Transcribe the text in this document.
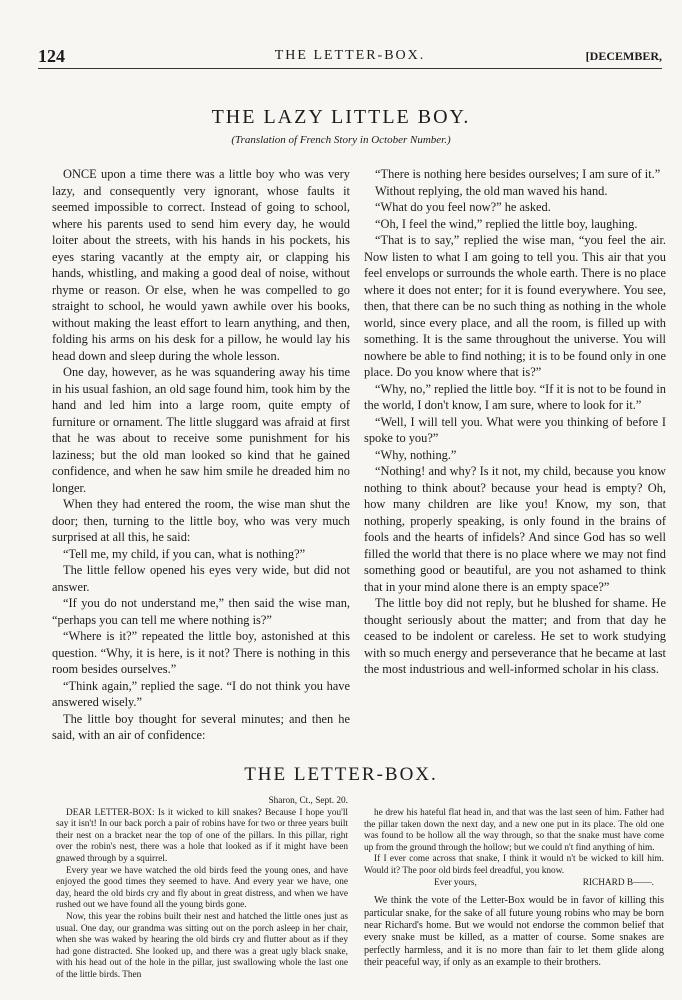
124	THE LETTER-BOX.	[DECEMBER,
THE LAZY LITTLE BOY.
(Translation of French Story in October Number.)

ONCE upon a time there was a little boy who was very lazy, and consequently very ignorant, whose faults it seemed impossible to correct. Instead of going to school, where his parents used to send him every day, he would loiter about the streets, with his hands in his pockets, his eyes staring vacantly at the empty air, or clapping his hands, whistling, and making a good deal of noise, without rhyme or reason. Or else, when he was compelled to go straight to school, he would yawn awhile over his books, without making the least effort to learn anything, and then, folding his arms on his desk for a pillow, he would lay his head down and sleep during the whole lesson.

One day, however, as he was squandering away his time in his usual fashion, an old sage found him, took him by the hand and led him into a large room, quite empty of furniture or ornament. The little sluggard was afraid at first that he was about to receive some punishment for his laziness; but the old man looked so kind that he gained confidence, and when he saw him smile he dreaded him no longer.

When they had entered the room, the wise man shut the door; then, turning to the little boy, who was very much surprised at all this, he said:

“Tell me, my child, if you can, what is nothing?”

The little fellow opened his eyes very wide, but did not answer.

“If you do not understand me,” then said the wise man, “perhaps you can tell me where nothing is?”

“Where is it?” repeated the little boy, astonished at this question. “Why, it is here, is it not? There is nothing in this room besides ourselves.”

“Think again,” replied the sage. “I do not think you have answered wisely.”

The little boy thought for several minutes; and then he said, with an air of confidence:

“There is nothing here besides ourselves; I am sure of it.”

Without replying, the old man waved his hand.

“What do you feel now?” he asked.

“Oh, I feel the wind,” replied the little boy, laughing.

“That is to say,” replied the wise man, “you feel the air. Now listen to what I am going to tell you. This air that you feel envelops or surrounds the whole earth. There is no place where it does not enter; for it is found everywhere. You see, then, that there can be no such thing as nothing in the whole world, since every place, and all the room, is filled up with something. It is the same throughout the universe. You will nowhere be able to find nothing; it is to be found only in one place. Do you know where that is?”

“Why, no,” replied the little boy. “If it is not to be found in the world, I don't know, I am sure, where to look for it.”

“Well, I will tell you. What were you thinking of before I spoke to you?”

“Why, nothing.”

“Nothing! and why? Is it not, my child, because you know nothing to think about? because your head is empty? Oh, how many children are like you! Know, my son, that nothing, properly speaking, is only found in the brains of fools and the hearts of infidels? And since God has so well filled the world that there is no place where we may not find something good or beautiful, are you not ashamed to think that in your mind alone there is an empty space?”

The little boy did not reply, but he blushed for shame. He thought seriously about the matter; and from that day he ceased to be indolent or careless. He set to work studying with so much energy and perseverance that he became at last the most industrious and well-informed scholar in his class.

THE LETTER-BOX.

Sharon, Ct., Sept. 20.

DEAR LETTER-BOX: Is it wicked to kill snakes? Because I hope you'll say it isn't! In our back porch a pair of robins have for two or three years built their nest on a bracket near the top of one of the pillars. In this pillar, right over the robin's nest, there was a hole that looked as if it might have been gnawed through by a squirrel.

Every year we have watched the old birds feed the young ones, and have enjoyed the good times they seemed to have. And every year we have, one day, heard the old birds cry and fly about in great distress, and when we have rushed out we have found all the young birds gone.

Now, this year the robins built their nest and hatched the little ones just as usual. One day, our grandma was sitting out on the porch asleep in her chair, when she was waked by hearing the old birds cry and flutter about as if they had gone distracted. She looked up, and there was a great ugly black snake, with his head out of the hole in the pillar, just swallowing whole the last one of the little birds. Then

he drew his hateful flat head in, and that was the last seen of him. Father had the pillar taken down the next day, and a new one put in its place. The old one was found to be hollow all the way through, so that the snake must have come up from the ground through the hollow; but we could n't find anything of him.

If I ever come across that snake, I think it would n't be wicked to kill him. Would it? The poor old birds feel dreadful, you know.

Ever yours,	RICHARD B——.

We think the vote of the Letter-Box would be in favor of killing this particular snake, for the sake of all future young robins who may be born near Richard's home. But we would not endorse the common belief that every snake must be killed, as a matter of course. Some snakes are perfectly harmless, and it is no more than fair to let them glide along their peaceful way, if only as an example to their brothers.
